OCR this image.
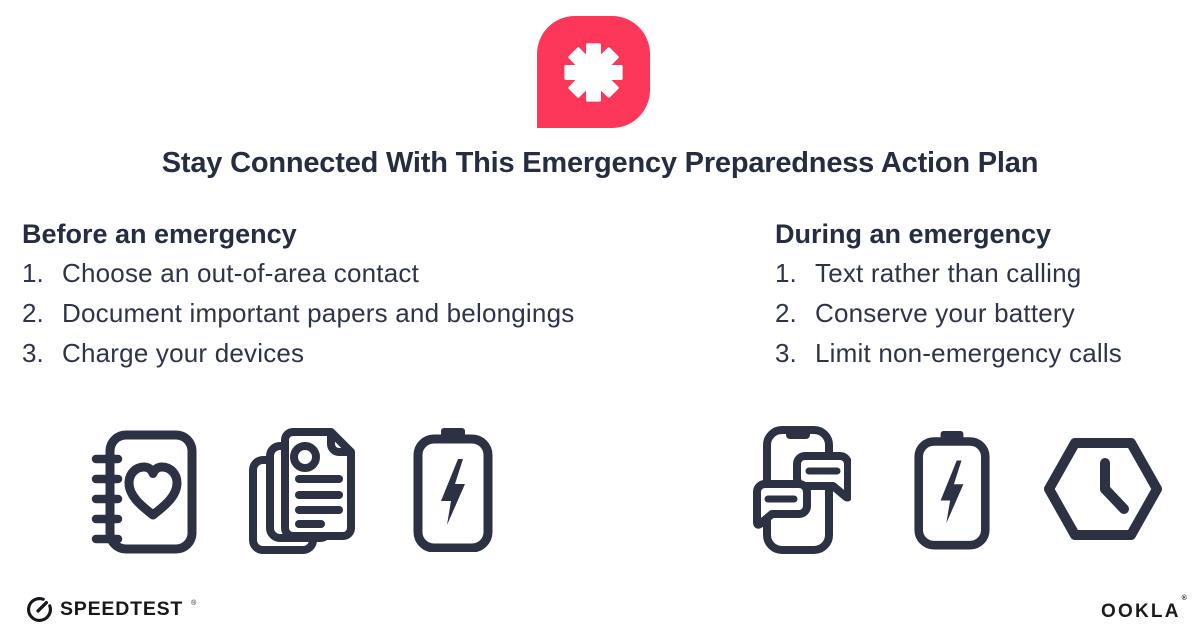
Stay Connected With This Emergency Preparedness Action Plan
Before an emergency
1. Choose an out-of-area contact
2. Document important papers and belongings
3. Charge your devices
During an emergency
1. Text rather than calling
2. Conserve your battery
3. Limit non-emergency calls
SPEEDTEST ®	OOKLA®
